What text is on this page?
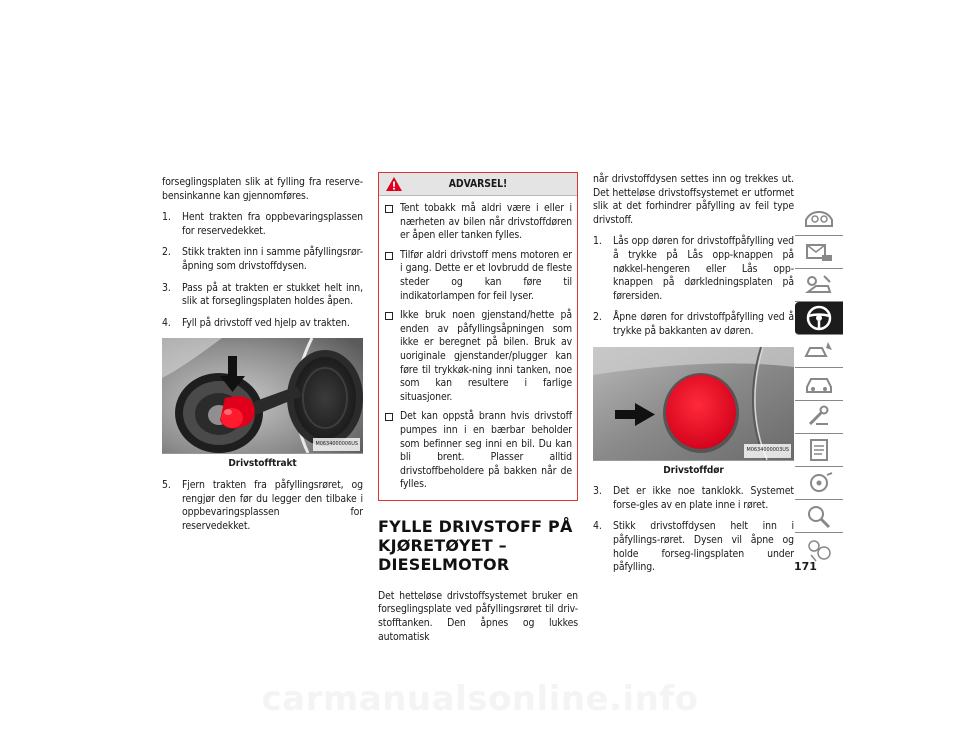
forseglingsplaten slik at fylling fra reserve-bensinkanne kan gjennomføres.

1. Hent trakten fra oppbevaringsplassen for reservedekket.
2. Stikk trakten inn i samme påfyllingsrør-åpning som drivstoffdysen.
3. Pass på at trakten er stukket helt inn, slik at forseglingsplaten holdes åpen.
4. Fyll på drivstoff ved hjelp av trakten.
M0634000006US
Drivstofftrakt
5. Fjern trakten fra påfyllingsrøret, og rengjør den før du legger den tilbake i oppbevaringsplassen for reservedekket.
ADVARSEL!
Tent tobakk må aldri være i eller i nærheten av bilen når drivstoffdøren er åpen eller tanken fylles.
Tilfør aldri drivstoff mens motoren er i gang. Dette er et lovbrudd de fleste steder og kan føre til indikatorlampen for feil lyser.
Ikke bruk noen gjenstand/hette på enden av påfyllingsåpningen som ikke er beregnet på bilen. Bruk av uoriginale gjenstander/plugger kan føre til trykkøk-ning inni tanken, noe som kan resultere i farlige situasjoner.
Det kan oppstå brann hvis drivstoff pumpes inn i en bærbar beholder som befinner seg inni en bil. Du kan bli brent. Plasser alltid drivstoffbeholdere på bakken når de fylles.
FYLLE DRIVSTOFF PÅ KJØRETØYET – DIESELMOTOR

Det hetteløse drivstoffsystemet bruker en forseglingsplate ved påfyllingsrøret til driv-stofftanken. Den åpnes og lukkes automatisk

når drivstoffdysen settes inn og trekkes ut. Det hetteløse drivstoffsystemet er utformet slik at det forhindrer påfylling av feil type drivstoff.

1. Lås opp døren for drivstoffpåfylling ved å trykke på Lås opp-knappen på nøkkel-hengeren eller Lås opp-knappen på dørkledningsplaten på førersiden.
2. Åpne døren for drivstoffpåfylling ved å trykke på bakkanten av døren.
M0634000003US
Drivstoffdør
3. Det er ikke noe tanklokk. Systemet forse-gles av en plate inne i røret.
4. Stikk drivstoffdysen helt inn i påfyllings-røret. Dysen vil åpne og holde forseg-lingsplaten under påfylling.	171
carmanualsonline.info
